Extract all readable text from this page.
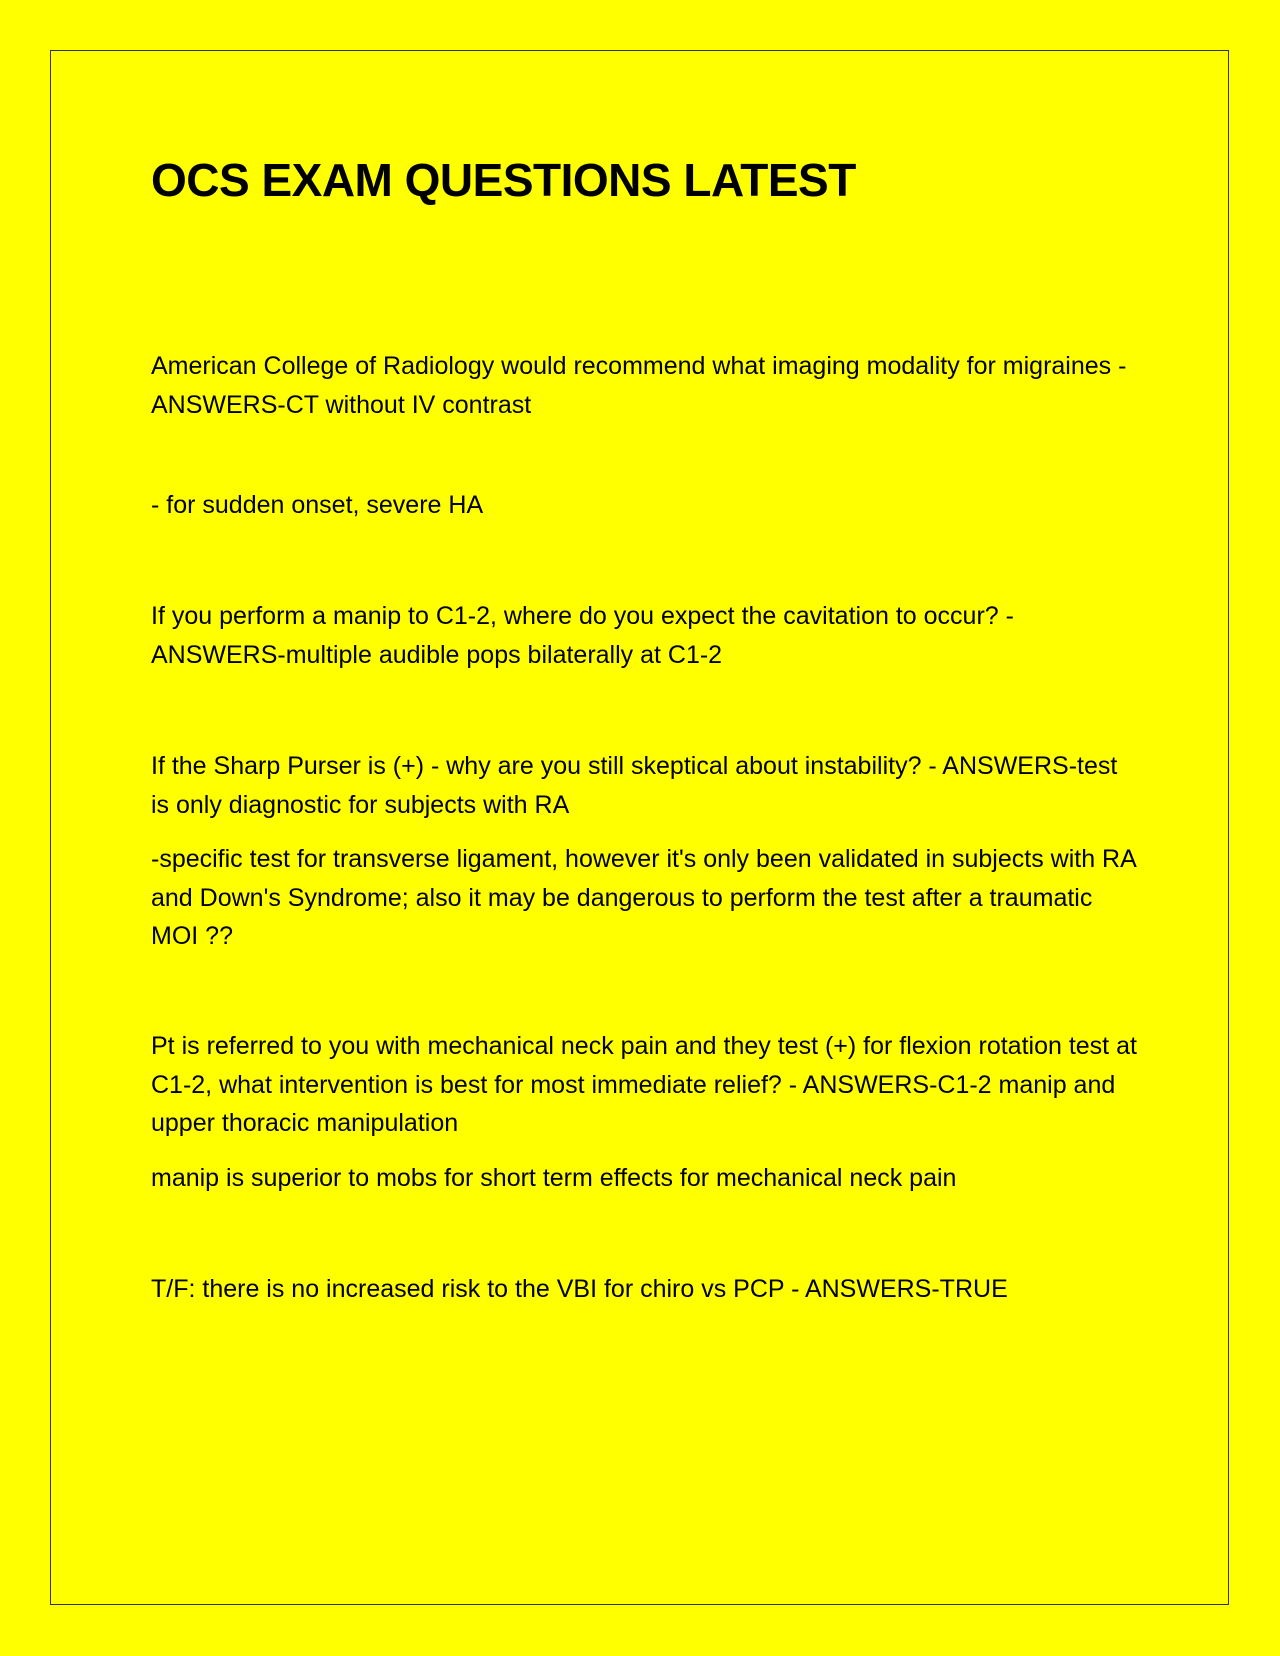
OCS EXAM QUESTIONS LATEST

American College of Radiology would recommend what imaging modality for migraines - ANSWERS-CT without IV contrast

- for sudden onset, severe HA

If you perform a manip to C1-2, where do you expect the cavitation to occur? - ANSWERS-multiple audible pops bilaterally at C1-2

If the Sharp Purser is (+) - why are you still skeptical about instability? - ANSWERS-test is only diagnostic for subjects with RA

-specific test for transverse ligament, however it's only been validated in subjects with RA and Down's Syndrome; also it may be dangerous to perform the test after a traumatic MOI ??

Pt is referred to you with mechanical neck pain and they test (+) for flexion rotation test at C1-2, what intervention is best for most immediate relief? - ANSWERS-C1-2 manip and upper thoracic manipulation

manip is superior to mobs for short term effects for mechanical neck pain

T/F: there is no increased risk to the VBI for chiro vs PCP - ANSWERS-TRUE
